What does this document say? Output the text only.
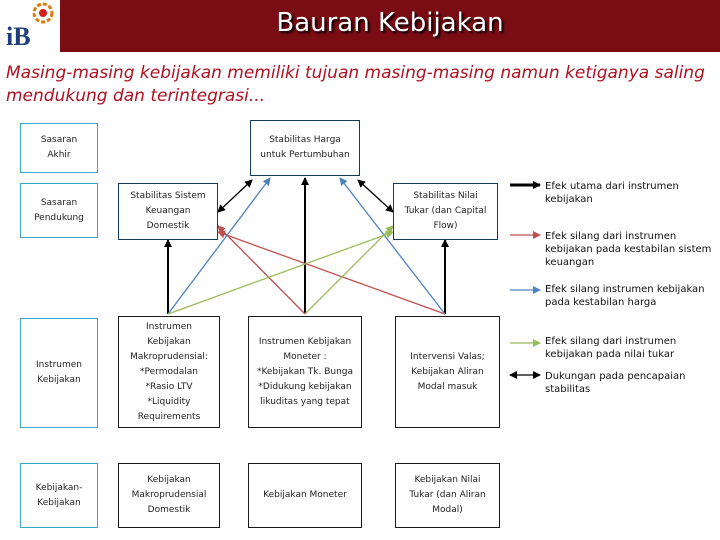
iB	Bauran Kebijakan
Masing-masing kebijakan memiliki tujuan masing-masing namun ketiganya saling mendukung dan terintegrasi...
Sasaran
Akhir
Sasaran
Pendukung
Instrumen
Kebijakan
Kebijakan-
Kebijakan
Stabilitas Harga
untuk Pertumbuhan
Stabilitas Sistem
Keuangan
Domestik
Stabilitas Nilai
Tukar (dan Capital
Flow)
Instrumen
Kebijakan
Makroprudensial:
*Permodalan
*Rasio LTV
*Liquidity
Requirements
Instrumen Kebijakan
Moneter :
*Kebijakan Tk. Bunga
*Didukung kebijakan
likuditas yang tepat
Intervensi Valas;
Kebijakan Aliran
Modal masuk
Kebijakan
Makroprudensial
Domestik
Kebijakan Moneter
Kebijakan Nilai
Tukar (dan Aliran
Modal)
Efek utama dari instrumen kebijakan
Efek silang dari instrumen kebijakan pada kestabilan sistem keuangan
Efek silang instrumen kebijakan pada kestabilan harga
Efek silang dari instrumen kebijakan pada nilai tukar
Dukungan pada pencapaian stabilitas
